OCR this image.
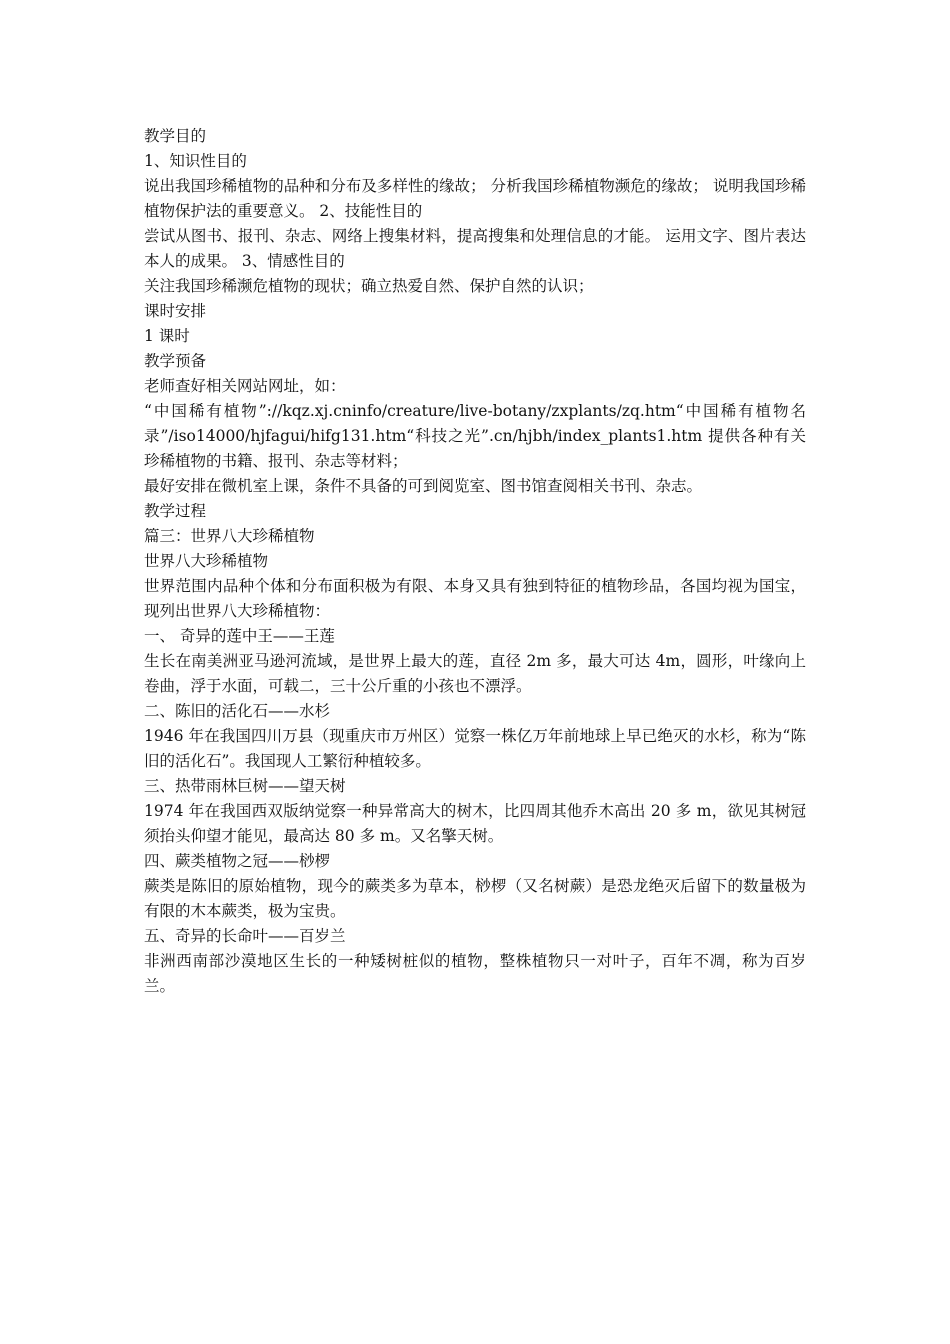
教学目的

1、知识性目的

说出我国珍稀植物的品种和分布及多样性的缘故； 分析我国珍稀植物濒危的缘故； 说明我国珍稀植物保护法的重要意义。 2、技能性目的

尝试从图书、报刊、杂志、网络上搜集材料，提高搜集和处理信息的才能。 运用文字、图片表达本人的成果。 3、情感性目的

关注我国珍稀濒危植物的现状；确立热爱自然、保护自然的认识；

课时安排

1 课时

教学预备

老师查好相关网站网址，如：

“中国稀有植物”://kqz.xj.cninfo/creature/live-botany/zxplants/zq.htm“中国稀有植物名录”/iso14000/hjfagui/hifg131.htm“科技之光”.cn/hjbh/index_plants1.htm 提供各种有关珍稀植物的书籍、报刊、杂志等材料；

最好安排在微机室上课，条件不具备的可到阅览室、图书馆查阅相关书刊、杂志。

教学过程

篇三：世界八大珍稀植物

世界八大珍稀植物

世界范围内品种个体和分布面积极为有限、本身又具有独到特征的植物珍品，各国均视为国宝，现列出世界八大珍稀植物：

一、 奇异的莲中王——王莲

生长在南美洲亚马逊河流域，是世界上最大的莲，直径 2m 多，最大可达 4m，圆形，叶缘向上卷曲，浮于水面，可载二，三十公斤重的小孩也不漂浮。

二、陈旧的活化石——水杉

1946 年在我国四川万县（现重庆市万州区）觉察一株亿万年前地球上早已绝灭的水杉，称为“陈旧的活化石”。我国现人工繁衍种植较多。

三、热带雨林巨树——望天树

1974 年在我国西双版纳觉察一种异常高大的树木，比四周其他乔木高出 20 多 m，欲见其树冠须抬头仰望才能见，最高达 80 多 m。又名擎天树。

四、蕨类植物之冠——桫椤

蕨类是陈旧的原始植物，现今的蕨类多为草本，桫椤（又名树蕨）是恐龙绝灭后留下的数量极为有限的木本蕨类，极为宝贵。

五、奇异的长命叶——百岁兰

非洲西南部沙漠地区生长的一种矮树桩似的植物，整株植物只一对叶子，百年不凋，称为百岁兰。
